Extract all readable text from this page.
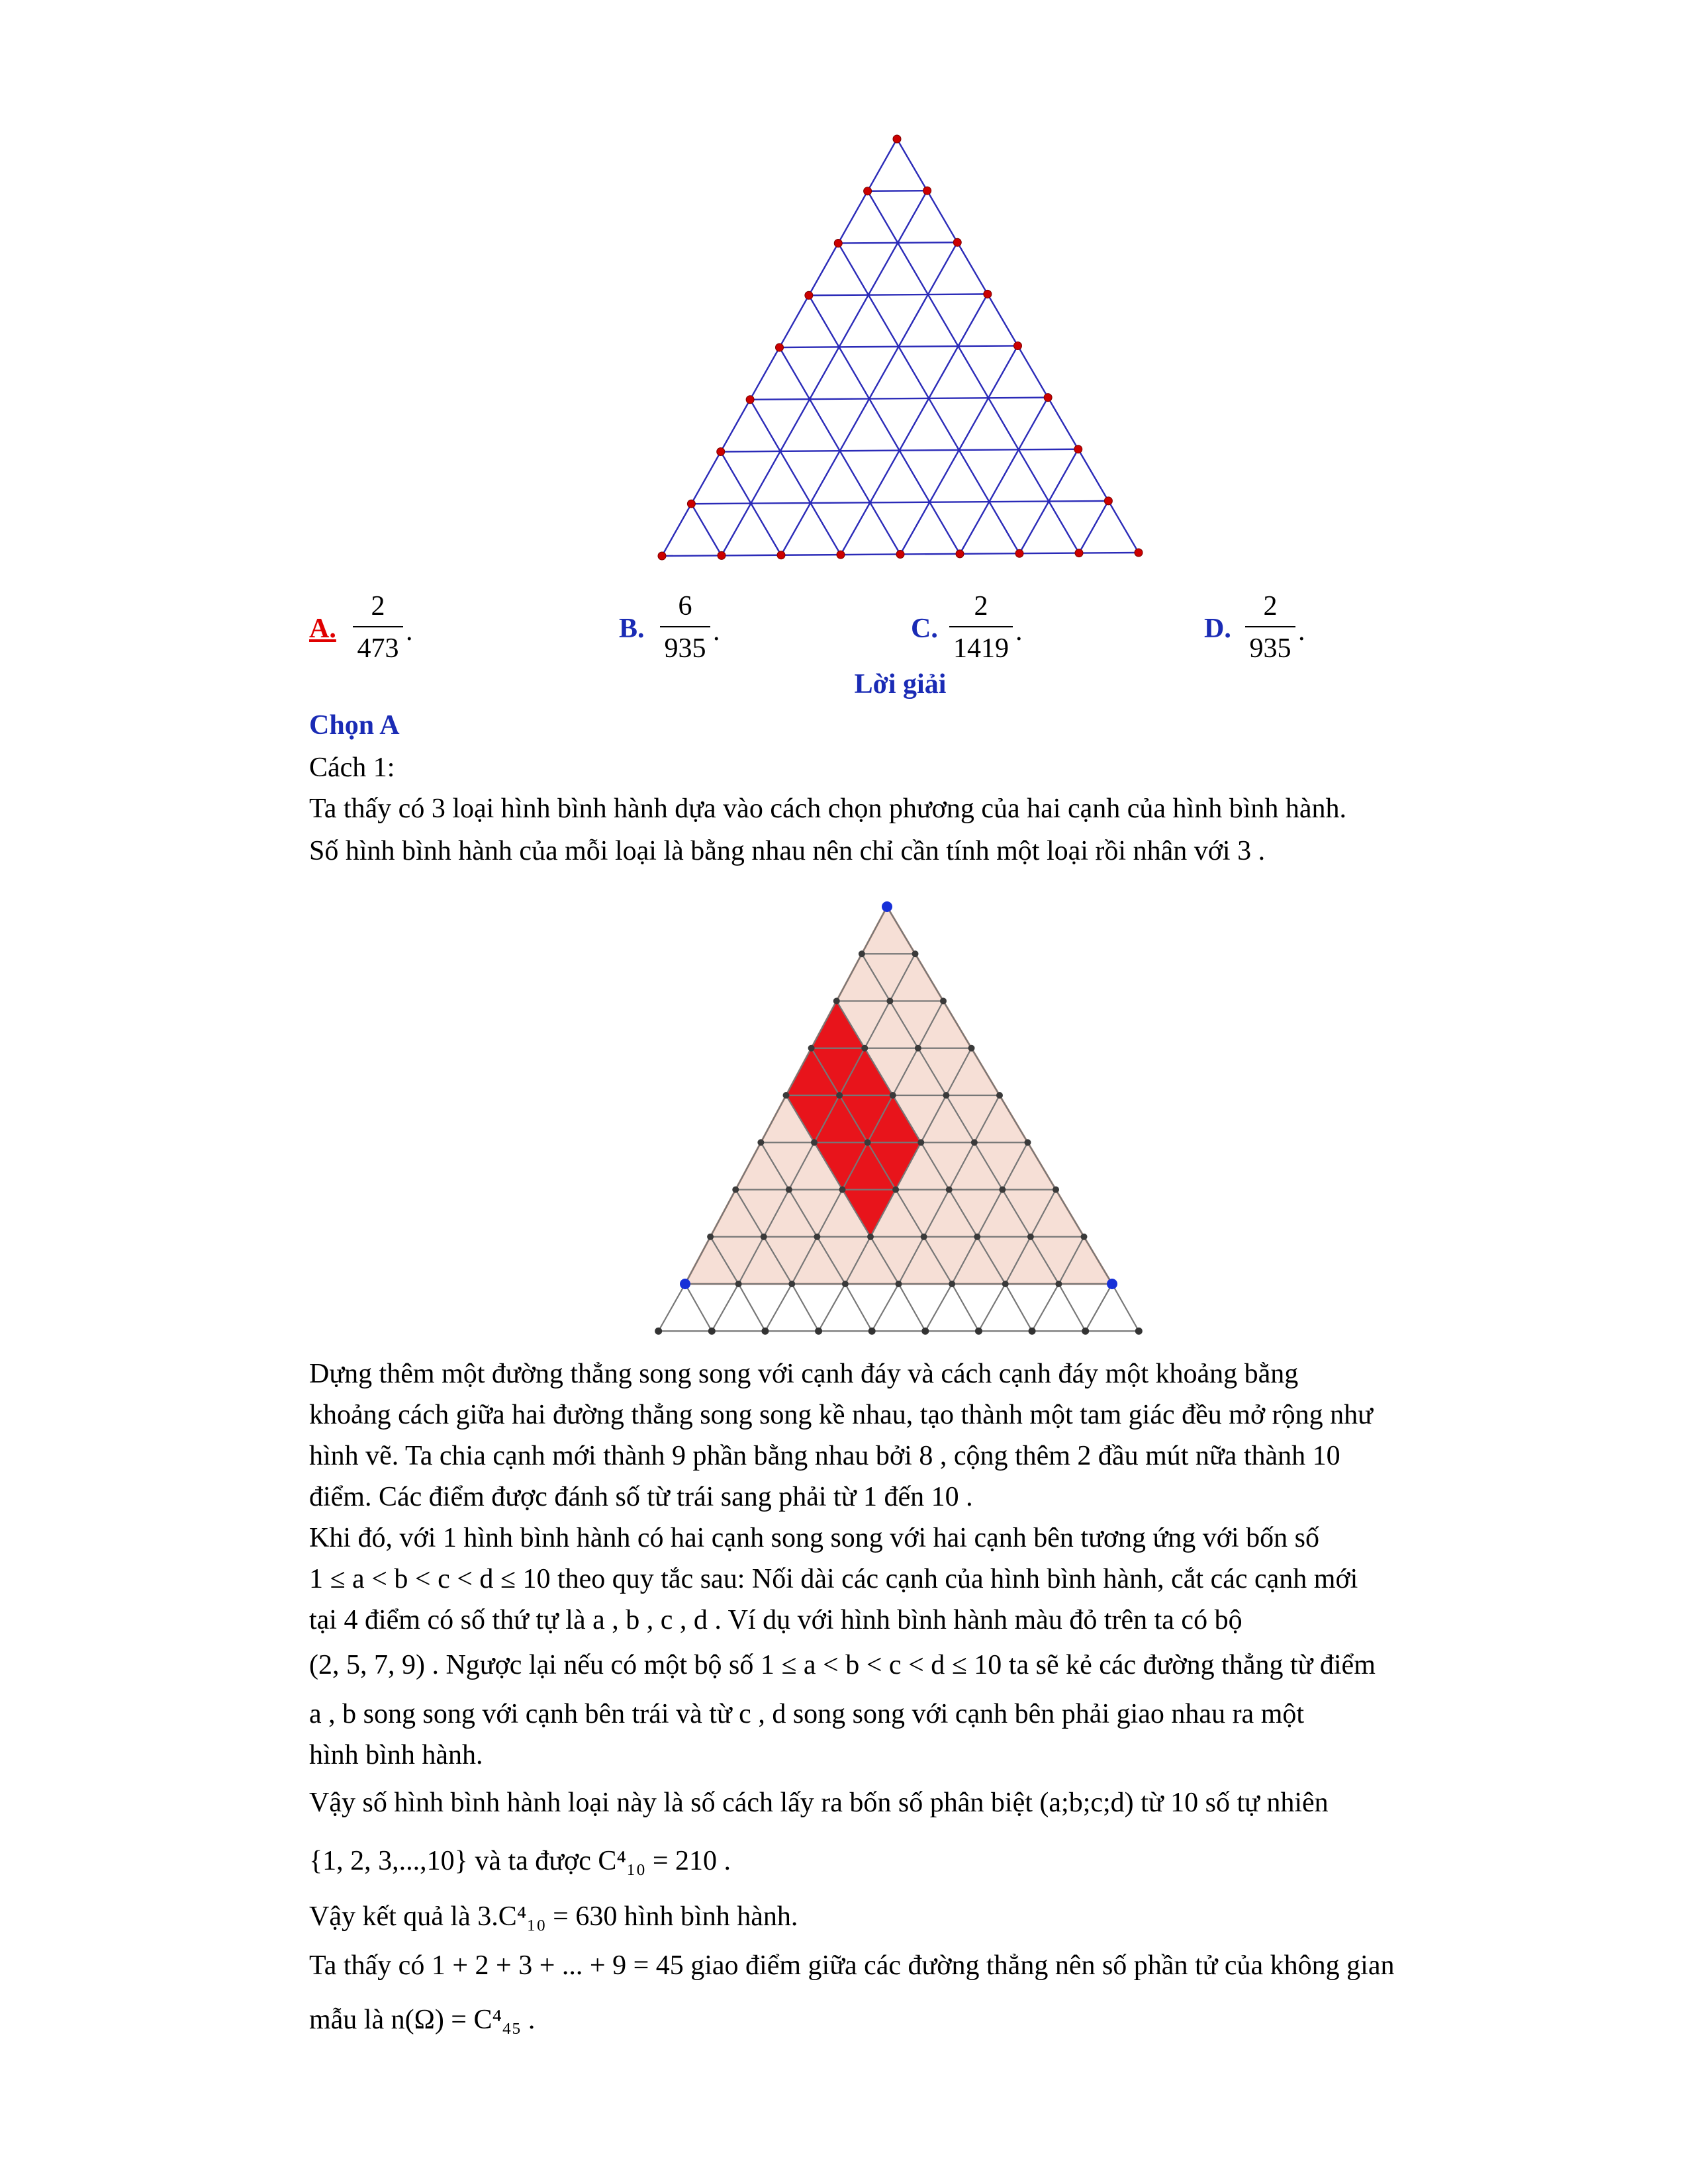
A.
2
473
.	B.
6
935
.	C.
2
1419
.	D.
2
935
.
Lời giải
Chọn A
Cách 1:
Ta thấy có 3 loại hình bình hành dựa vào cách chọn phương của hai cạnh của hình bình hành.
Số hình bình hành của mỗi loại là bằng nhau nên chỉ cần tính một loại rồi nhân với 3 .
Dựng thêm một đường thẳng song song với cạnh đáy và cách cạnh đáy một khoảng bằng
khoảng cách giữa hai đường thẳng song song kề nhau, tạo thành một tam giác đều mở rộng như
hình vẽ. Ta chia cạnh mới thành 9 phần bằng nhau bởi 8 , cộng thêm 2 đầu mút nữa thành 10
điểm. Các điểm được đánh số từ trái sang phải từ 1 đến 10 .
Khi đó, với 1 hình bình hành có hai cạnh song song với hai cạnh bên tương ứng với bốn số
1 ≤ a < b < c < d ≤ 10 theo quy tắc sau: Nối dài các cạnh của hình bình hành, cắt các cạnh mới
tại 4 điểm có số thứ tự là a , b , c , d . Ví dụ với hình bình hành màu đỏ trên ta có bộ
(2, 5, 7, 9) . Ngược lại nếu có một bộ số 1 ≤ a < b < c < d ≤ 10 ta sẽ kẻ các đường thẳng từ điểm
a , b song song với cạnh bên trái và từ c , d song song với cạnh bên phải giao nhau ra một
hình bình hành.
Vậy số hình bình hành loại này là số cách lấy ra bốn số phân biệt (a;b;c;d) từ 10 số tự nhiên
{1, 2, 3,...,10} và ta được C⁴₁₀ = 210 .
Vậy kết quả là 3.C⁴₁₀ = 630 hình bình hành.
Ta thấy có 1 + 2 + 3 + ... + 9 = 45 giao điểm giữa các đường thẳng nên số phần tử của không gian
mẫu là n(Ω) = C⁴₄₅ .
